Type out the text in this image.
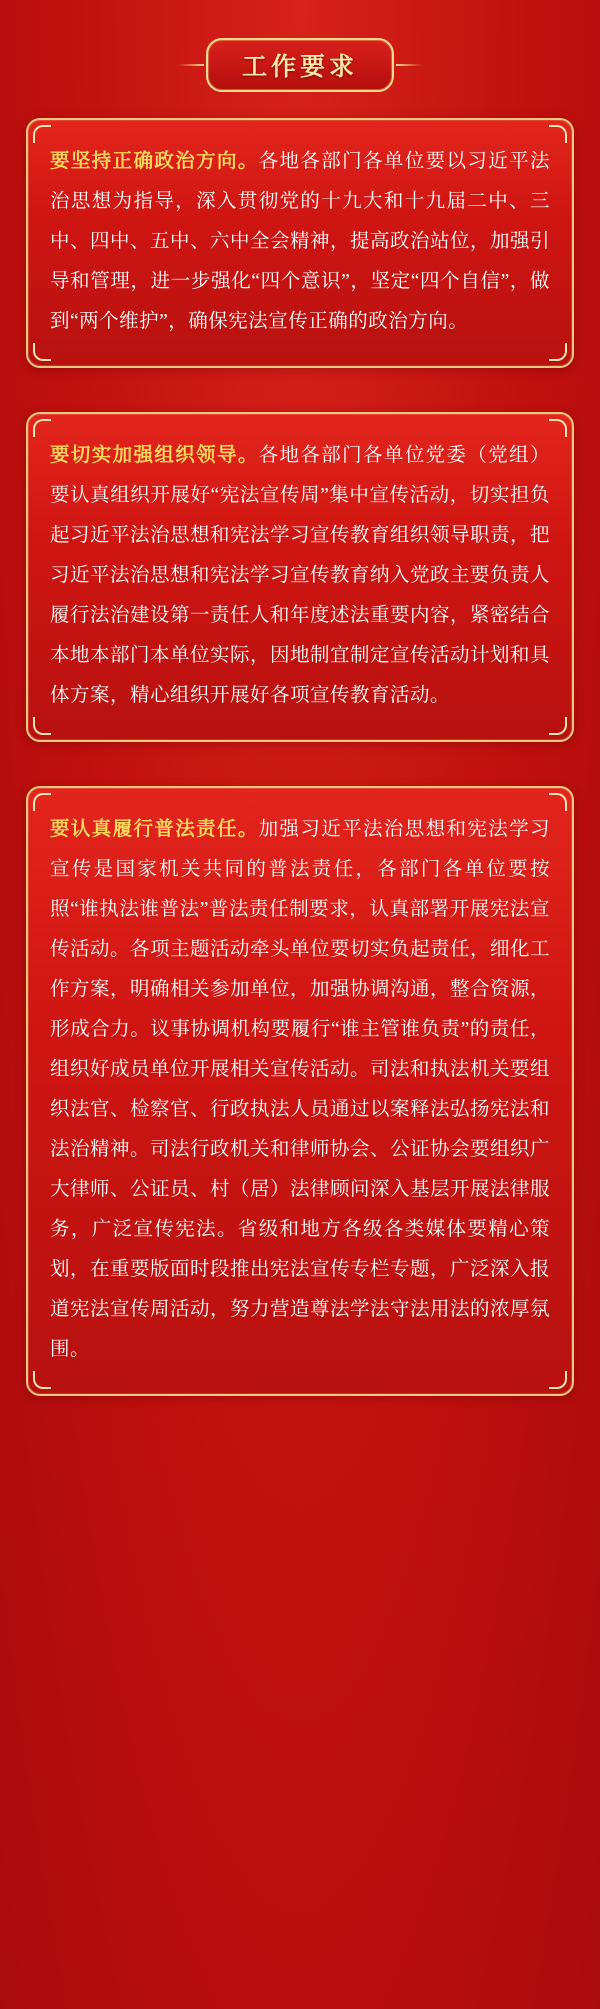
工作要求

要坚持正确政治方向。各地各部门各单位要以习近平法治思想为指导，深入贯彻党的十九大和十九届二中、三中、四中、五中、六中全会精神，提高政治站位，加强引导和管理，进一步强化“四个意识”，坚定“四个自信”，做到“两个维护”，确保宪法宣传正确的政治方向。

要切实加强组织领导。各地各部门各单位党委（党组）要认真组织开展好“宪法宣传周”集中宣传活动，切实担负起习近平法治思想和宪法学习宣传教育组织领导职责，把习近平法治思想和宪法学习宣传教育纳入党政主要负责人履行法治建设第一责任人和年度述法重要内容，紧密结合本地本部门本单位实际，因地制宜制定宣传活动计划和具体方案，精心组织开展好各项宣传教育活动。

要认真履行普法责任。加强习近平法治思想和宪法学习宣传是国家机关共同的普法责任，各部门各单位要按照“谁执法谁普法”普法责任制要求，认真部署开展宪法宣传活动。各项主题活动牵头单位要切实负起责任，细化工作方案，明确相关参加单位，加强协调沟通，整合资源，形成合力。议事协调机构要履行“谁主管谁负责”的责任，组织好成员单位开展相关宣传活动。司法和执法机关要组织法官、检察官、行政执法人员通过以案释法弘扬宪法和法治精神。司法行政机关和律师协会、公证协会要组织广大律师、公证员、村（居）法律顾问深入基层开展法律服务，广泛宣传宪法。省级和地方各级各类媒体要精心策划，在重要版面时段推出宪法宣传专栏专题，广泛深入报道宪法宣传周活动，努力营造尊法学法守法用法的浓厚氛围。
